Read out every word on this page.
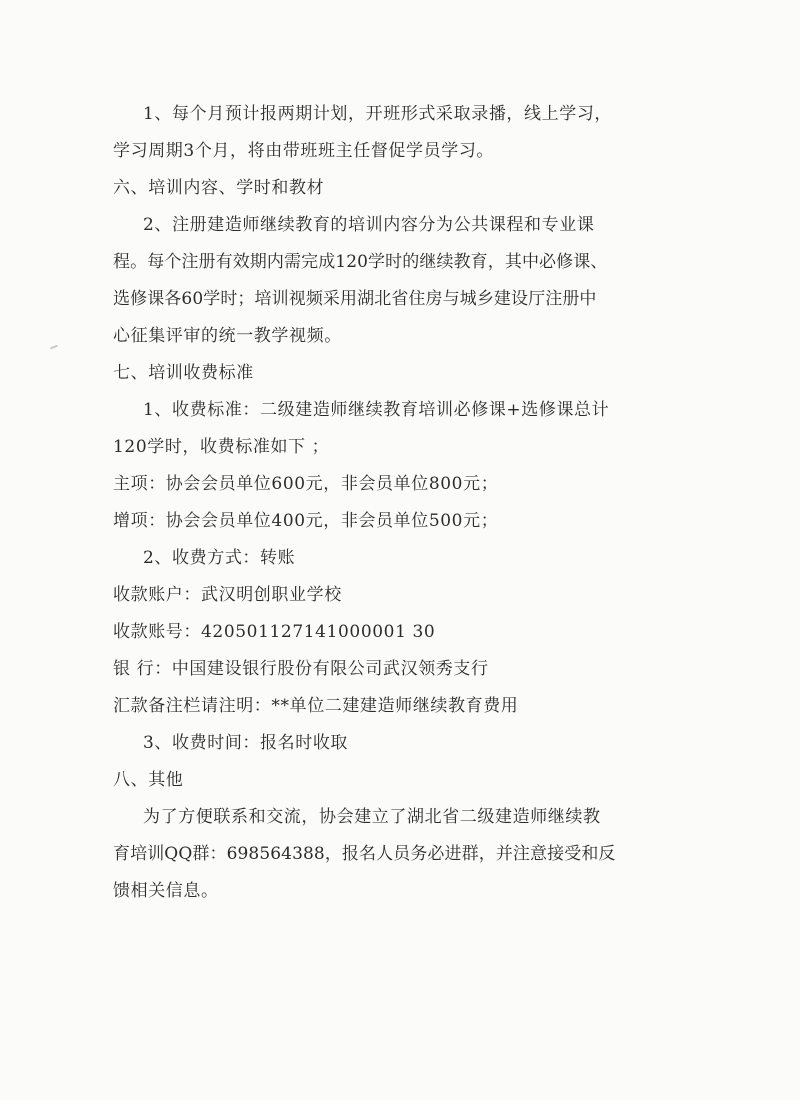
1、每个月预计报两期计划，开班形式采取录播，线上学习，
学习周期3个月，将由带班班主任督促学员学习。
六、培训内容、学时和教材
2、注册建造师继续教育的培训内容分为公共课程和专业课
程。每个注册有效期内需完成120学时的继续教育，其中必修课、
选修课各60学时；培训视频采用湖北省住房与城乡建设厅注册中
心征集评审的统一教学视频。
七、培训收费标准
1、收费标准：二级建造师继续教育培训必修课+选修课总计
120学时，收费标准如下 ；
主项：协会会员单位600元，非会员单位800元；
增项：协会会员单位400元，非会员单位500元；
2、收费方式：转账
收款账户：武汉明创职业学校
收款账号：420501127141000001 30
银 行：中国建设银行股份有限公司武汉领秀支行
汇款备注栏请注明：**单位二建建造师继续教育费用
3、收费时间：报名时收取
八、其他
为了方便联系和交流，协会建立了湖北省二级建造师继续教
育培训QQ群：698564388，报名人员务必进群，并注意接受和反
馈相关信息。
